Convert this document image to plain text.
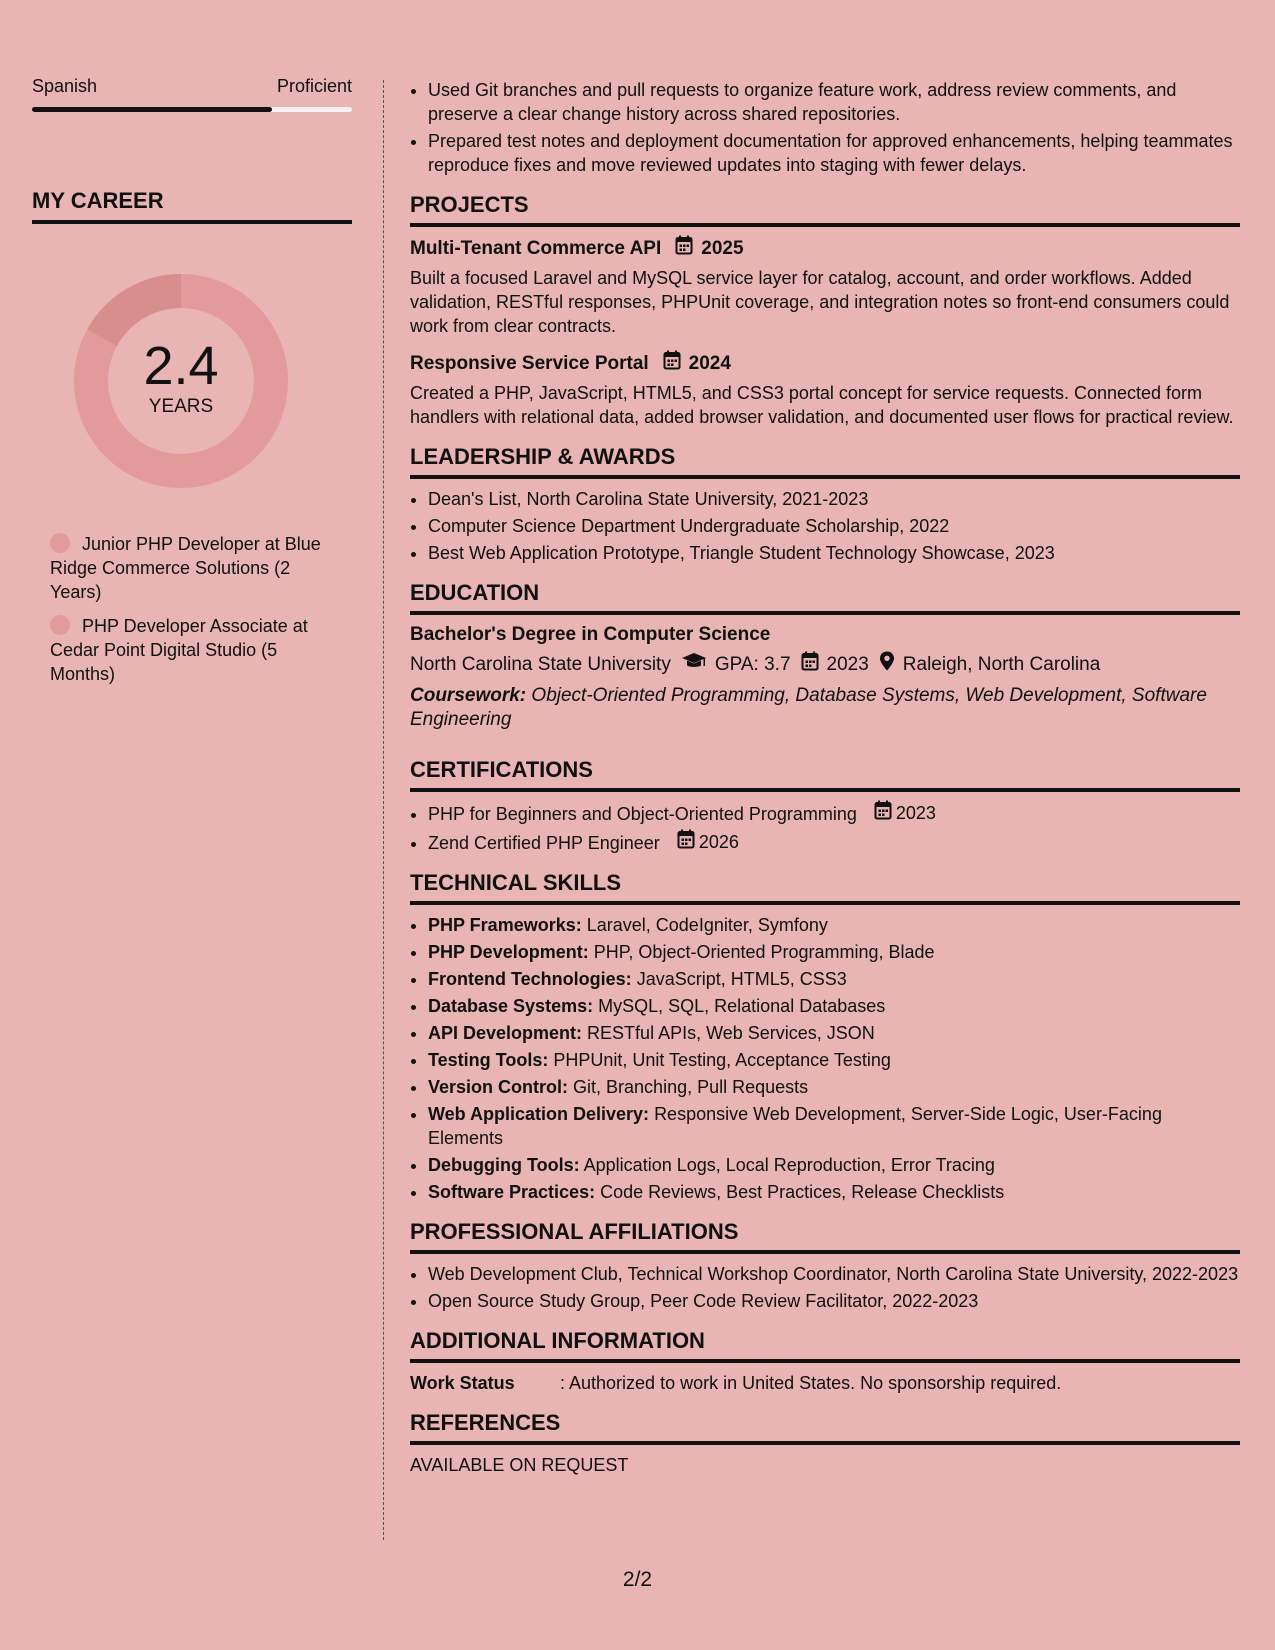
Spanish	Proficient
MY CAREER
2.4
YEARS
Junior PHP Developer at Blue Ridge Commerce Solutions (2 Years)
PHP Developer Associate at Cedar Point Digital Studio (5 Months)
• Used Git branches and pull requests to organize feature work, address review comments, and preserve a clear change history across shared repositories.
• Prepared test notes and deployment documentation for approved enhancements, helping teammates reproduce fixes and move reviewed updates into staging with fewer delays.
PROJECTS
Multi-Tenant Commerce API 2025
Built a focused Laravel and MySQL service layer for catalog, account, and order workflows. Added validation, RESTful responses, PHPUnit coverage, and integration notes so front-end consumers could work from clear contracts.
Responsive Service Portal 2024
Created a PHP, JavaScript, HTML5, and CSS3 portal concept for service requests. Connected form handlers with relational data, added browser validation, and documented user flows for practical review.
LEADERSHIP & AWARDS
• Dean's List, North Carolina State University, 2021-2023
• Computer Science Department Undergraduate Scholarship, 2022
• Best Web Application Prototype, Triangle Student Technology Showcase, 2023
EDUCATION
Bachelor's Degree in Computer Science
North Carolina State University GPA: 3.7 2023 Raleigh, North Carolina
Coursework: Object-Oriented Programming, Database Systems, Web Development, Software Engineering
CERTIFICATIONS
• PHP for Beginners and Object-Oriented Programming 2023
• Zend Certified PHP Engineer 2026
TECHNICAL SKILLS
• PHP Frameworks: Laravel, CodeIgniter, Symfony
• PHP Development: PHP, Object-Oriented Programming, Blade
• Frontend Technologies: JavaScript, HTML5, CSS3
• Database Systems: MySQL, SQL, Relational Databases
• API Development: RESTful APIs, Web Services, JSON
• Testing Tools: PHPUnit, Unit Testing, Acceptance Testing
• Version Control: Git, Branching, Pull Requests
• Web Application Delivery: Responsive Web Development, Server-Side Logic, User-Facing Elements
• Debugging Tools: Application Logs, Local Reproduction, Error Tracing
• Software Practices: Code Reviews, Best Practices, Release Checklists
PROFESSIONAL AFFILIATIONS
• Web Development Club, Technical Workshop Coordinator, North Carolina State University, 2022-2023
• Open Source Study Group, Peer Code Review Facilitator, 2022-2023
ADDITIONAL INFORMATION
Work Status	: Authorized to work in United States. No sponsorship required.
REFERENCES
AVAILABLE ON REQUEST
2/2
